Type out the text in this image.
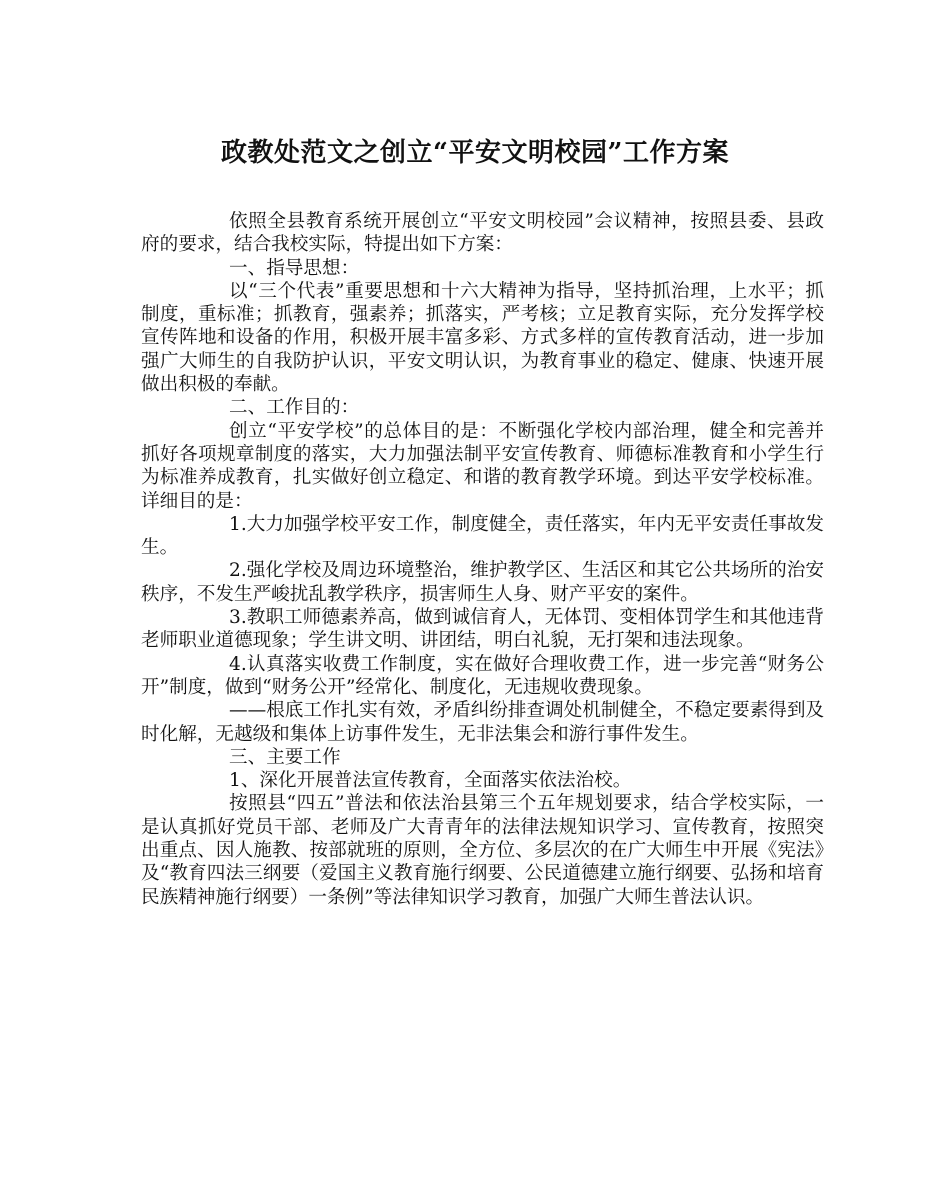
政教处范文之创立“平安文明校园”工作方案

依照全县教育系统开展创立“平安文明校园”会议精神，按照县委、县政府的要求，结合我校实际，特提出如下方案：

一、指导思想：

以“三个代表”重要思想和十六大精神为指导，坚持抓治理，上水平；抓制度，重标准；抓教育，强素养；抓落实，严考核；立足教育实际，充分发挥学校宣传阵地和设备的作用，积极开展丰富多彩、方式多样的宣传教育活动，进一步加强广大师生的自我防护认识，平安文明认识，为教育事业的稳定、健康、快速开展做出积极的奉献。

二、工作目的：

创立“平安学校”的总体目的是：不断强化学校内部治理，健全和完善并抓好各项规章制度的落实，大力加强法制平安宣传教育、师德标准教育和小学生行为标准养成教育，扎实做好创立稳定、和谐的教育教学环境。到达平安学校标准。详细目的是：

1.大力加强学校平安工作，制度健全，责任落实，年内无平安责任事故发生。

2.强化学校及周边环境整治，维护教学区、生活区和其它公共场所的治安秩序，不发生严峻扰乱教学秩序，损害师生人身、财产平安的案件。

3.教职工师德素养高，做到诚信育人，无体罚、变相体罚学生和其他违背老师职业道德现象；学生讲文明、讲团结，明白礼貌，无打架和违法现象。

4.认真落实收费工作制度，实在做好合理收费工作，进一步完善“财务公开”制度，做到“财务公开”经常化、制度化，无违规收费现象。

——根底工作扎实有效，矛盾纠纷排查调处机制健全，不稳定要素得到及时化解，无越级和集体上访事件发生，无非法集会和游行事件发生。

三、主要工作

1、深化开展普法宣传教育，全面落实依法治校。

按照县“四五”普法和依法治县第三个五年规划要求，结合学校实际，一是认真抓好党员干部、老师及广大青青年的法律法规知识学习、宣传教育，按照突出重点、因人施教、按部就班的原则，全方位、多层次的在广大师生中开展《宪法》及“教育四法三纲要（爱国主义教育施行纲要、公民道德建立施行纲要、弘扬和培育民族精神施行纲要）一条例”等法律知识学习教育，加强广大师生普法认识。
